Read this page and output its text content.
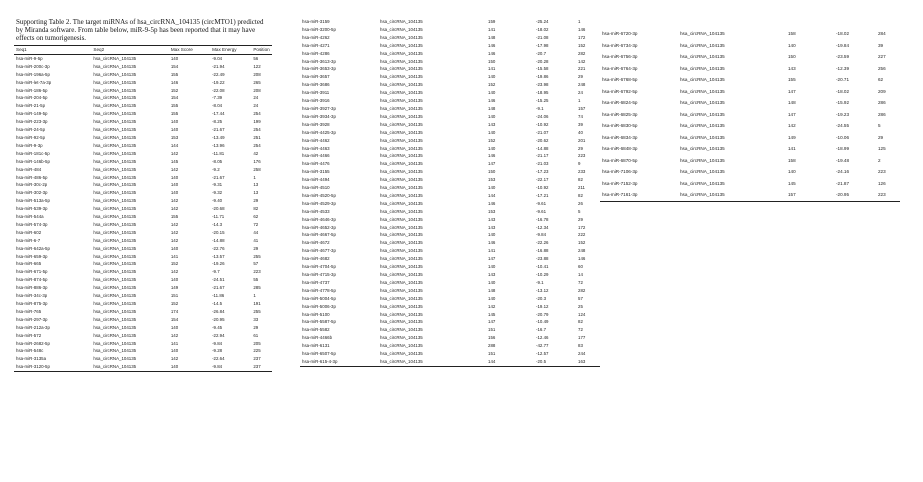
Supporting Table 2. The target miRNAs of hsa_circRNA_104135 (circMTO1) predicted by Miranda software. From table below, miR-9-5p has been reported that it may have effects on tumorigenesis.
Seq1	Seq2	Max Score	Max Energy	Position
hsa-miR-9-5p	hsa_circRNA_104135	140	-9.04	56
hsa-miR-200c-3p	hsa_circRNA_104135	154	-21.94	122
hsa-miR-196a-5p	hsa_circRNA_104135	155	-22.49	208
hsa-miR-let-7a-3p	hsa_circRNA_104135	146	-19.22	265
hsa-miR-186-5p	hsa_circRNA_104135	152	-22.08	208
hsa-miR-204-5p	hsa_circRNA_104135	154	-7.39	24
hsa-miR-21-5p	hsa_circRNA_104135	155	-8.04	24
hsa-miR-149-5p	hsa_circRNA_104135	155	-17.44	254
hsa-miR-223-3p	hsa_circRNA_104135	140	-8.25	199
hsa-miR-24-5p	hsa_circRNA_104135	140	-21.67	254
hsa-miR-92-5p	hsa_circRNA_104135	153	-13.49	251
hsa-miR-9-3p	hsa_circRNA_104135	144	-13.96	254
hsa-miR-181c-5p	hsa_circRNA_104135	142	-11.81	42
hsa-miR-146b-5p	hsa_circRNA_104135	145	-8.05	176
hsa-miR-484	hsa_circRNA_104135	142	-9.2	258
hsa-miR-486-5p	hsa_circRNA_104135	140	-21.67	1
hsa-miR-30c-2p	hsa_circRNA_104135	140	-9.31	13
hsa-miR-302-3p	hsa_circRNA_104135	140	-9.32	13
hsa-miR-513a-5p	hsa_circRNA_104135	142	-9.40	29
hsa-miR-539-3p	hsa_circRNA_104135	142	-20.68	82
hsa-miR-544a	hsa_circRNA_104135	155	-11.71	62
hsa-miR-574-3p	hsa_circRNA_104135	142	-14.3	72
hsa-miR-602	hsa_circRNA_104135	142	-20.15	44
hsa-miR-6-7	hsa_circRNA_104135	142	-14.88	41
hsa-miR-642a-5p	hsa_circRNA_104135	140	-22.76	29
hsa-miR-659-3p	hsa_circRNA_104135	141	-13.57	255
hsa-miR-665	hsa_circRNA_104135	152	-19.26	57
hsa-miR-671-5p	hsa_circRNA_104135	142	-9.7	223
hsa-miR-874-5p	hsa_circRNA_104135	140	-24.51	55
hsa-miR-886-3p	hsa_circRNA_104135	149	-21.67	285
hsa-miR-34c-3p	hsa_circRNA_104135	151	-11.86	1
hsa-miR-875-3p	hsa_circRNA_104135	152	-14.5	191
hsa-miR-765	hsa_circRNA_104135	174	-26.84	255
hsa-miR-297-3p	hsa_circRNA_104135	154	-20.95	33
hsa-miR-212a-3p	hsa_circRNA_104135	140	-9.45	29
hsa-miR-572	hsa_circRNA_104135	142	-22.94	61
hsa-miR-2682-5p	hsa_circRNA_104135	141	-9.84	205
hsa-miR-548c	hsa_circRNA_104135	140	-9.28	225
hsa-miR-3135a	hsa_circRNA_104135	142	-22.64	237
hsa-miR-3120-5p	hsa_circRNA_104135	140	-9.84	237
hsa-miR-3159	hsa_circRNA_104135	159	-25.24	1
hsa-miR-3200-5p	hsa_circRNA_104135	141	-18.02	146
hsa-miR-4262	hsa_circRNA_104135	148	-21.08	172
hsa-miR-4271	hsa_circRNA_104135	146	-17.98	152
hsa-miR-4286	hsa_circRNA_104135	146	-20.7	282
hsa-miR-3613-3p	hsa_circRNA_104135	150	-20.28	142
hsa-miR-3653-3p	hsa_circRNA_104135	141	-15.58	221
hsa-miR-3657	hsa_circRNA_104135	140	-19.86	29
hsa-miR-3686	hsa_circRNA_104135	152	-23.98	248
hsa-miR-3911	hsa_circRNA_104135	140	-18.95	24
hsa-miR-3916	hsa_circRNA_104135	146	-15.25	1
hsa-miR-3927-3p	hsa_circRNA_104135	148	-9.1	157
hsa-miR-3934-3p	hsa_circRNA_104135	140	-24.06	74
hsa-miR-3928	hsa_circRNA_104135	143	-10.92	39
hsa-miR-4425-3p	hsa_circRNA_104135	140	-21.07	40
hsa-miR-4462	hsa_circRNA_104135	152	-20.62	201
hsa-miR-4463	hsa_circRNA_104135	140	-14.88	29
hsa-miR-4466	hsa_circRNA_104135	146	-21.17	223
hsa-miR-4476	hsa_circRNA_104135	147	-21.03	9
hsa-miR-3155	hsa_circRNA_104135	150	-17.23	233
hsa-miR-4494	hsa_circRNA_104135	153	-22.17	82
hsa-miR-4510	hsa_circRNA_104135	140	-10.92	211
hsa-miR-4520-5p	hsa_circRNA_104135	144	-17.21	82
hsa-miR-4529-3p	hsa_circRNA_104135	146	-9.61	26
hsa-miR-4533	hsa_circRNA_104135	153	-9.61	5
hsa-miR-4646-3p	hsa_circRNA_104135	143	-16.78	29
hsa-miR-4652-3p	hsa_circRNA_104135	143	-12.34	172
hsa-miR-4667-5p	hsa_circRNA_104135	140	-9.84	222
hsa-miR-4672	hsa_circRNA_104135	146	-22.26	152
hsa-miR-4677-3p	hsa_circRNA_104135	141	-16.88	248
hsa-miR-4682	hsa_circRNA_104135	147	-23.88	146
hsa-miR-4704-5p	hsa_circRNA_104135	140	-10.41	60
hsa-miR-4715-3p	hsa_circRNA_104135	143	-10.29	14
hsa-miR-4737	hsa_circRNA_104135	140	-9.1	72
hsa-miR-4778-5p	hsa_circRNA_104135	148	-13.12	282
hsa-miR-5004-5p	hsa_circRNA_104135	140	-20.3	57
hsa-miR-5006-3p	hsa_circRNA_104135	142	-19.12	25
hsa-miR-5100	hsa_circRNA_104135	145	-20.79	124
hsa-miR-5587-5p	hsa_circRNA_104135	147	-10.49	82
hsa-miR-5582	hsa_circRNA_104135	151	-16.7	72
hsa-miR-4466b	hsa_circRNA_104135	156	-12.46	177
hsa-miR-6131	hsa_circRNA_104135	288	-42.77	83
hsa-miR-6507-5p	hsa_circRNA_104135	151	-12.57	244
hsa-miR-615-4-3p	hsa_circRNA_104135	144	-20.5	163
hsa-miR-6720-3p	hsa_circRNA_104135	158	-18.02	284
hsa-miR-6734-3p	hsa_circRNA_104135	140	-19.84	39
hsa-miR-6756-3p	hsa_circRNA_104135	150	-23.59	227
hsa-miR-6764-3p	hsa_circRNA_104135	143	-12.39	256
hsa-miR-6768-5p	hsa_circRNA_104135	155	-20.71	62
hsa-miR-6792-5p	hsa_circRNA_104135	147	-18.02	209
hsa-miR-6824-5p	hsa_circRNA_104135	148	-15.92	286
hsa-miR-6825-3p	hsa_circRNA_104135	147	-19.23	286
hsa-miR-6830-5p	hsa_circRNA_104135	142	-24.55	5
hsa-miR-6834-3p	hsa_circRNA_104135	149	-10.06	29
hsa-miR-6848-3p	hsa_circRNA_104135	141	-18.99	125
hsa-miR-6870-5p	hsa_circRNA_104135	158	-19.48	2
hsa-miR-7106-3p	hsa_circRNA_104135	140	-24.16	223
hsa-miR-7152-3p	hsa_circRNA_104135	145	-21.87	126
hsa-miR-7161-3p	hsa_circRNA_104135	157	-20.95	223
